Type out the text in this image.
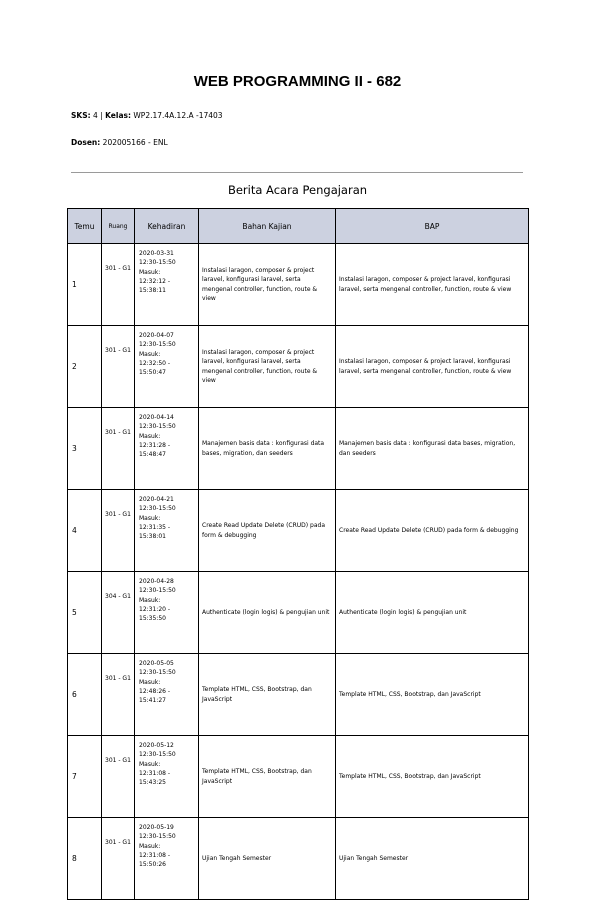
WEB PROGRAMMING II - 682
SKS: 4 | Kelas: WP2.17.4A.12.A -17403
Dosen: 202005166 - ENL
Berita Acara Pengajaran
Temu	Ruang	Kehadiran	Bahan Kajian	BAP
1	301 - G1	2020-03-31
12:30-15:50
Masuk:
12:32:12 -
15:38:11	Instalasi laragon, composer & project laravel, konfigurasi laravel, serta mengenal controller, function, route & view	Instalasi laragon, composer & project laravel, konfigurasi laravel, serta mengenal controller, function, route & view
2	301 - G1	2020-04-07
12:30-15:50
Masuk:
12:32:50 -
15:50:47	Instalasi laragon, composer & project laravel, konfigurasi laravel, serta mengenal controller, function, route & view	Instalasi laragon, composer & project laravel, konfigurasi laravel, serta mengenal controller, function, route & view
3	301 - G1	2020-04-14
12:30-15:50
Masuk:
12:31:28 -
15:48:47	Manajemen basis data : konfigurasi data bases, migration, dan seeders	Manajemen basis data : konfigurasi data bases, migration, dan seeders
4	301 - G1	2020-04-21
12:30-15:50
Masuk:
12:31:35 -
15:38:01	Create Read Update Delete (CRUD) pada form & debugging	Create Read Update Delete (CRUD) pada form & debugging
5	304 - G1	2020-04-28
12:30-15:50
Masuk:
12:31:20 -
15:35:50	Authenticate (login logis) & pengujian unit	Authenticate (login logis) & pengujian unit
6	301 - G1	2020-05-05
12:30-15:50
Masuk:
12:48:26 -
15:41:27	Template HTML, CSS, Bootstrap, dan JavaScript	Template HTML, CSS, Bootstrap, dan JavaScript
7	301 - G1	2020-05-12
12:30-15:50
Masuk:
12:31:08 -
15:43:25	Template HTML, CSS, Bootstrap, dan JavaScript	Template HTML, CSS, Bootstrap, dan JavaScript
8	301 - G1	2020-05-19
12:30-15:50
Masuk:
12:31:08 -
15:50:26	Ujian Tengah Semester	Ujian Tengah Semester
